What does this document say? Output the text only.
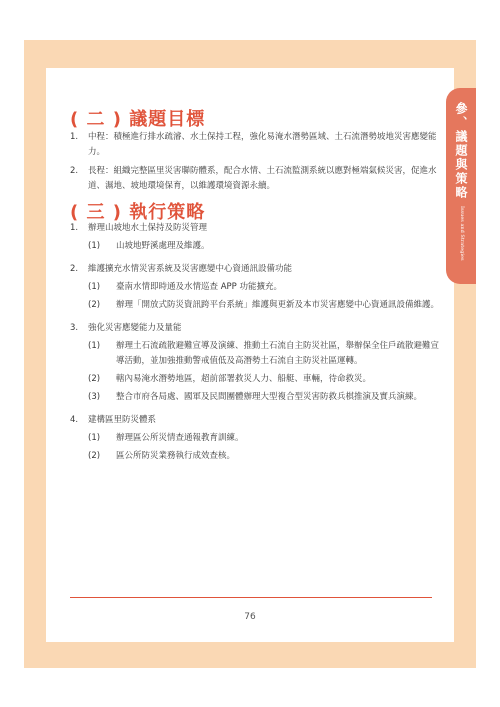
參、議題與策略
Issues and Strategies
( 二 ) 議題目標
1.	中程：積極進行排水疏濬、水土保持工程，強化易淹水潛勢區域、土石流潛勢坡地災害應變能力。
2.	長程：組織完整區里災害聯防體系，配合水情、土石流監測系統以應對極端氣候災害，促進水道、濕地、坡地環境保育，以維護環境資源永續。
( 三 ) 執行策略
1.	辦理山坡地水土保持及防災管理
(1)	山坡地野溪處理及維護。
2.	維護擴充水情災害系統及災害應變中心資通訊設備功能
(1)	臺南水情即時通及水情巡查 APP 功能擴充。
(2)	辦理「開放式防災資訊跨平台系統」維護與更新及本市災害應變中心資通訊設備維護。
3.	強化災害應變能力及量能
(1)	辦理土石流疏散避難宣導及演練、推動土石流自主防災社區，舉辦保全住戶疏散避難宣導活動，並加強推動警戒值低及高潛勢土石流自主防災社區運轉。
(2)	轄內易淹水潛勢地區，超前部署救災人力、船艇、車輛，待命救災。
(3)	整合市府各局處、國軍及民間團體辦理大型複合型災害防救兵棋推演及實兵演練。
4.	建構區里防災體系
(1)	辦理區公所災情查通報教育訓練。
(2)	區公所防災業務執行成效查核。
76
